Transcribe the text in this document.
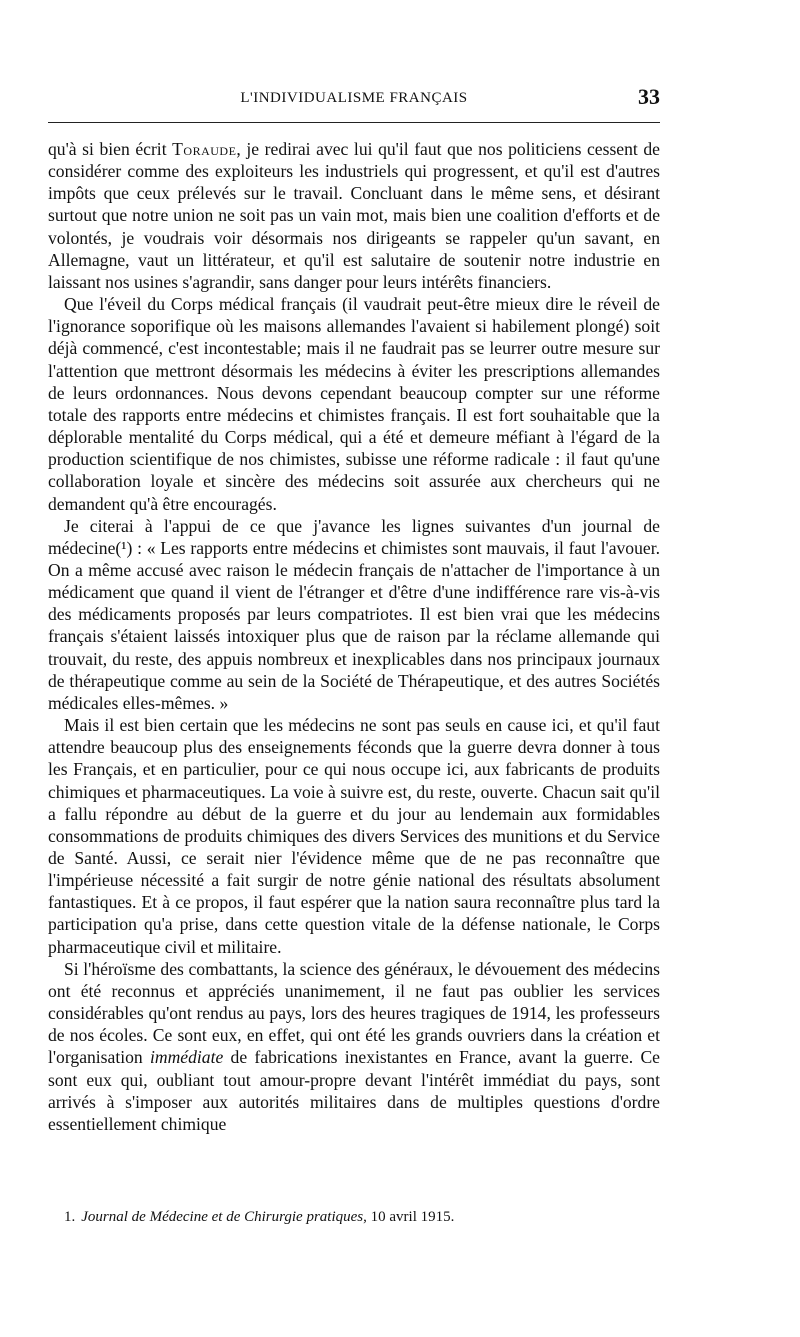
L'INDIVIDUALISME FRANÇAIS	33

qu'à si bien écrit Toraude, je redirai avec lui qu'il faut que nos politiciens cessent de considérer comme des exploiteurs les industriels qui progressent, et qu'il est d'autres impôts que ceux prélevés sur le travail. Concluant dans le même sens, et désirant surtout que notre union ne soit pas un vain mot, mais bien une coalition d'efforts et de volontés, je voudrais voir désormais nos dirigeants se rappeler qu'un savant, en Allemagne, vaut un littérateur, et qu'il est salutaire de soutenir notre industrie en laissant nos usines s'agrandir, sans danger pour leurs intérêts financiers.

Que l'éveil du Corps médical français (il vaudrait peut-être mieux dire le réveil de l'ignorance soporifique où les maisons allemandes l'avaient si habilement plongé) soit déjà commencé, c'est incontestable; mais il ne faudrait pas se leurrer outre mesure sur l'attention que mettront désormais les médecins à éviter les prescriptions allemandes de leurs ordonnances. Nous devons cependant beaucoup compter sur une réforme totale des rapports entre médecins et chimistes français. Il est fort souhaitable que la déplorable mentalité du Corps médical, qui a été et demeure méfiant à l'égard de la production scientifique de nos chimistes, subisse une réforme radicale : il faut qu'une collaboration loyale et sincère des médecins soit assurée aux chercheurs qui ne demandent qu'à être encouragés.

Je citerai à l'appui de ce que j'avance les lignes suivantes d'un journal de médecine(¹) : « Les rapports entre médecins et chimistes sont mauvais, il faut l'avouer. On a même accusé avec raison le médecin français de n'attacher de l'importance à un médicament que quand il vient de l'étranger et d'être d'une indifférence rare vis-à-vis des médicaments proposés par leurs compatriotes. Il est bien vrai que les médecins français s'étaient laissés intoxiquer plus que de raison par la réclame allemande qui trouvait, du reste, des appuis nombreux et inexplicables dans nos principaux journaux de thérapeutique comme au sein de la Société de Thérapeutique, et des autres Sociétés médicales elles-mêmes. »

Mais il est bien certain que les médecins ne sont pas seuls en cause ici, et qu'il faut attendre beaucoup plus des enseignements féconds que la guerre devra donner à tous les Français, et en particulier, pour ce qui nous occupe ici, aux fabricants de produits chimiques et pharmaceutiques. La voie à suivre est, du reste, ouverte. Chacun sait qu'il a fallu répondre au début de la guerre et du jour au lendemain aux formidables consommations de produits chimiques des divers Services des munitions et du Service de Santé. Aussi, ce serait nier l'évidence même que de ne pas reconnaître que l'impérieuse nécessité a fait surgir de notre génie national des résultats absolument fantastiques. Et à ce propos, il faut espérer que la nation saura reconnaître plus tard la participation qu'a prise, dans cette question vitale de la défense nationale, le Corps pharmaceutique civil et militaire.

Si l'héroïsme des combattants, la science des généraux, le dévouement des médecins ont été reconnus et appréciés unanimement, il ne faut pas oublier les services considérables qu'ont rendus au pays, lors des heures tragiques de 1914, les professeurs de nos écoles. Ce sont eux, en effet, qui ont été les grands ouvriers dans la création et l'organisation immédiate de fabrications inexistantes en France, avant la guerre. Ce sont eux qui, oubliant tout amour-propre devant l'intérêt immédiat du pays, sont arrivés à s'imposer aux autorités militaires dans de multiples questions d'ordre essentiellement chimique

1. Journal de Médecine et de Chirurgie pratiques, 10 avril 1915.
